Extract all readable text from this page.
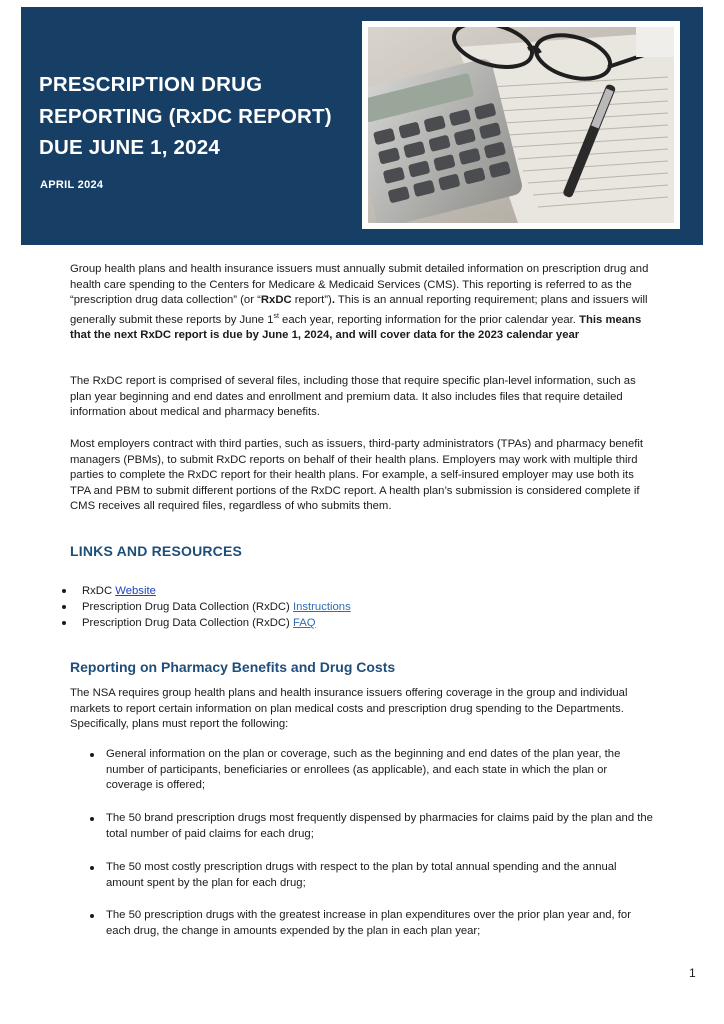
PRESCRIPTION DRUG
REPORTING (RxDC REPORT)
DUE JUNE 1, 2024
APRIL 2024
Group health plans and health insurance issuers must annually submit detailed information on prescription drug and health care spending to the Centers for Medicare & Medicaid Services (CMS). This reporting is referred to as the “prescription drug data collection” (or “RxDC report”). This is an annual reporting requirement; plans and issuers will generally submit these reports by June 1st each year, reporting information for the prior calendar year. This means that the next RxDC report is due by June 1, 2024, and will cover data for the 2023 calendar year
The RxDC report is comprised of several files, including those that require specific plan-level information, such as plan year beginning and end dates and enrollment and premium data. It also includes files that require detailed information about medical and pharmacy benefits.
Most employers contract with third parties, such as issuers, third-party administrators (TPAs) and pharmacy benefit managers (PBMs), to submit RxDC reports on behalf of their health plans. Employers may work with multiple third parties to complete the RxDC report for their health plans. For example, a self-insured employer may use both its TPA and PBM to submit different portions of the RxDC report. A health plan’s submission is considered complete if CMS receives all required files, regardless of who submits them.
LINKS AND RESOURCES
RxDC Website
Prescription Drug Data Collection (RxDC) Instructions
Prescription Drug Data Collection (RxDC) FAQ
Reporting on Pharmacy Benefits and Drug Costs
The NSA requires group health plans and health insurance issuers offering coverage in the group and individual markets to report certain information on plan medical costs and prescription drug spending to the Departments. Specifically, plans must report the following:
General information on the plan or coverage, such as the beginning and end dates of the plan year, the number of participants, beneficiaries or enrollees (as applicable), and each state in which the plan or coverage is offered;
The 50 brand prescription drugs most frequently dispensed by pharmacies for claims paid by the plan and the total number of paid claims for each drug;
The 50 most costly prescription drugs with respect to the plan by total annual spending and the annual amount spent by the plan for each drug;
The 50 prescription drugs with the greatest increase in plan expenditures over the prior plan year and, for each drug, the change in amounts expended by the plan in each plan year;
1
